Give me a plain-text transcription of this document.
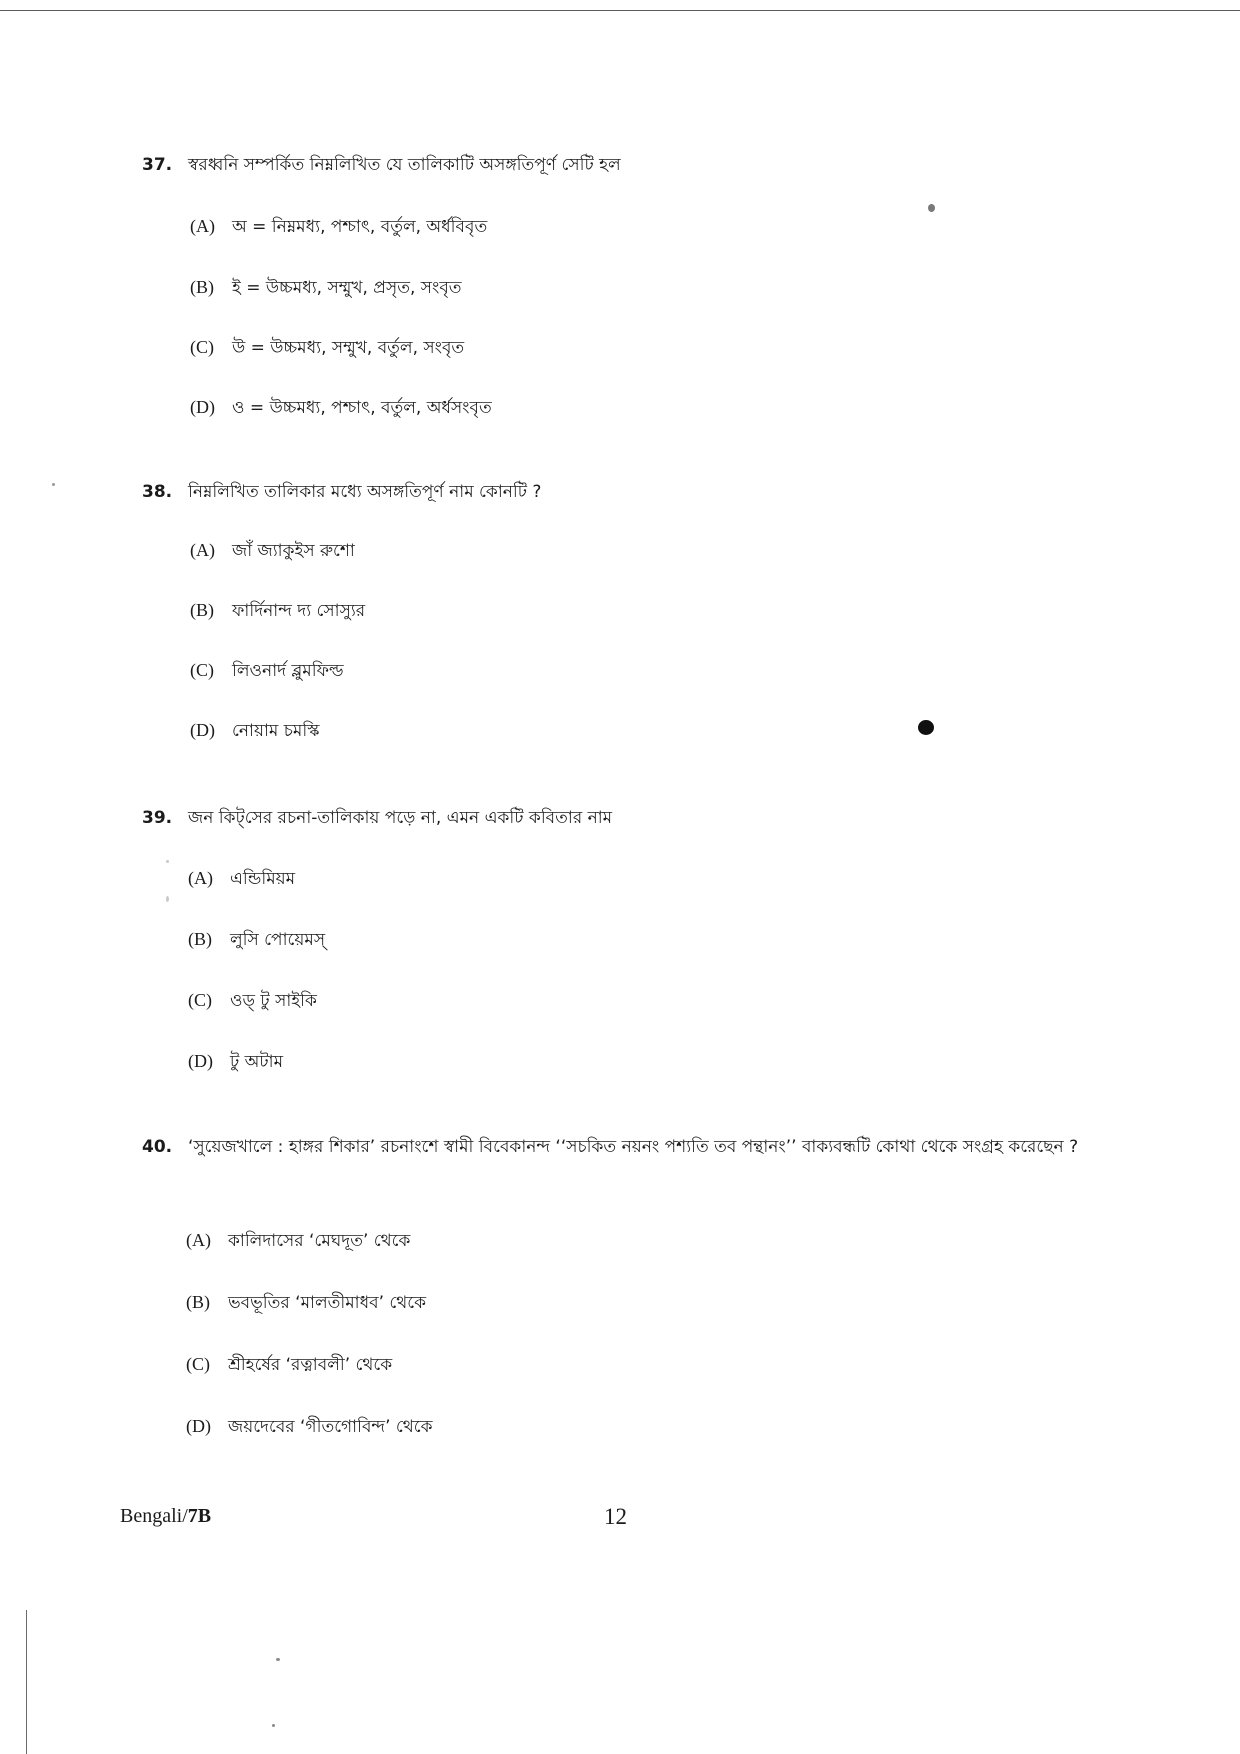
37. স্বরধ্বনি সম্পর্কিত নিম্নলিখিত যে তালিকাটি অসঙ্গতিপূর্ণ সেটি হল
(A)	অ = নিম্নমধ্য, পশ্চাৎ, বর্তুল, অর্ধবিবৃত
(B)	ই = উচ্চমধ্য, সম্মুখ, প্রসৃত, সংবৃত
(C)	উ = উচ্চমধ্য, সম্মুখ, বর্তুল, সংবৃত
(D)	ও = উচ্চমধ্য, পশ্চাৎ, বর্তুল, অর্ধসংবৃত
38. নিম্নলিখিত তালিকার মধ্যে অসঙ্গতিপূর্ণ নাম কোনটি ?
(A)	জাঁ জ্যাকুইস রুশো
(B)	ফার্দিনান্দ দ্য সোস্যুর
(C)	লিওনার্দ ব্লুমফিল্ড
(D)	নোয়াম চমস্কি
39. জন কিট্‌সের রচনা-তালিকায় পড়ে না, এমন একটি কবিতার নাম
(A)	এন্ডিমিয়ম
(B)	লুসি পোয়েমস্‌
(C)	ওড্‌ টু সাইকি
(D)	টু অটাম
40. ‘সুয়েজখালে : হাঙ্গর শিকার’ রচনাংশে স্বামী বিবেকানন্দ ‘‘সচকিত নয়নং পশ্যতি তব পন্থানং’’ বাক্যবন্ধটি কোথা থেকে সংগ্রহ করেছেন ?
(A)	কালিদাসের ‘মেঘদূত’ থেকে
(B)	ভবভূতির ‘মালতীমাধব’ থেকে
(C)	শ্রীহর্ষের ‘রত্নাবলী’ থেকে
(D)	জয়দেবের ‘গীতগোবিন্দ’ থেকে
Bengali/7B	12
